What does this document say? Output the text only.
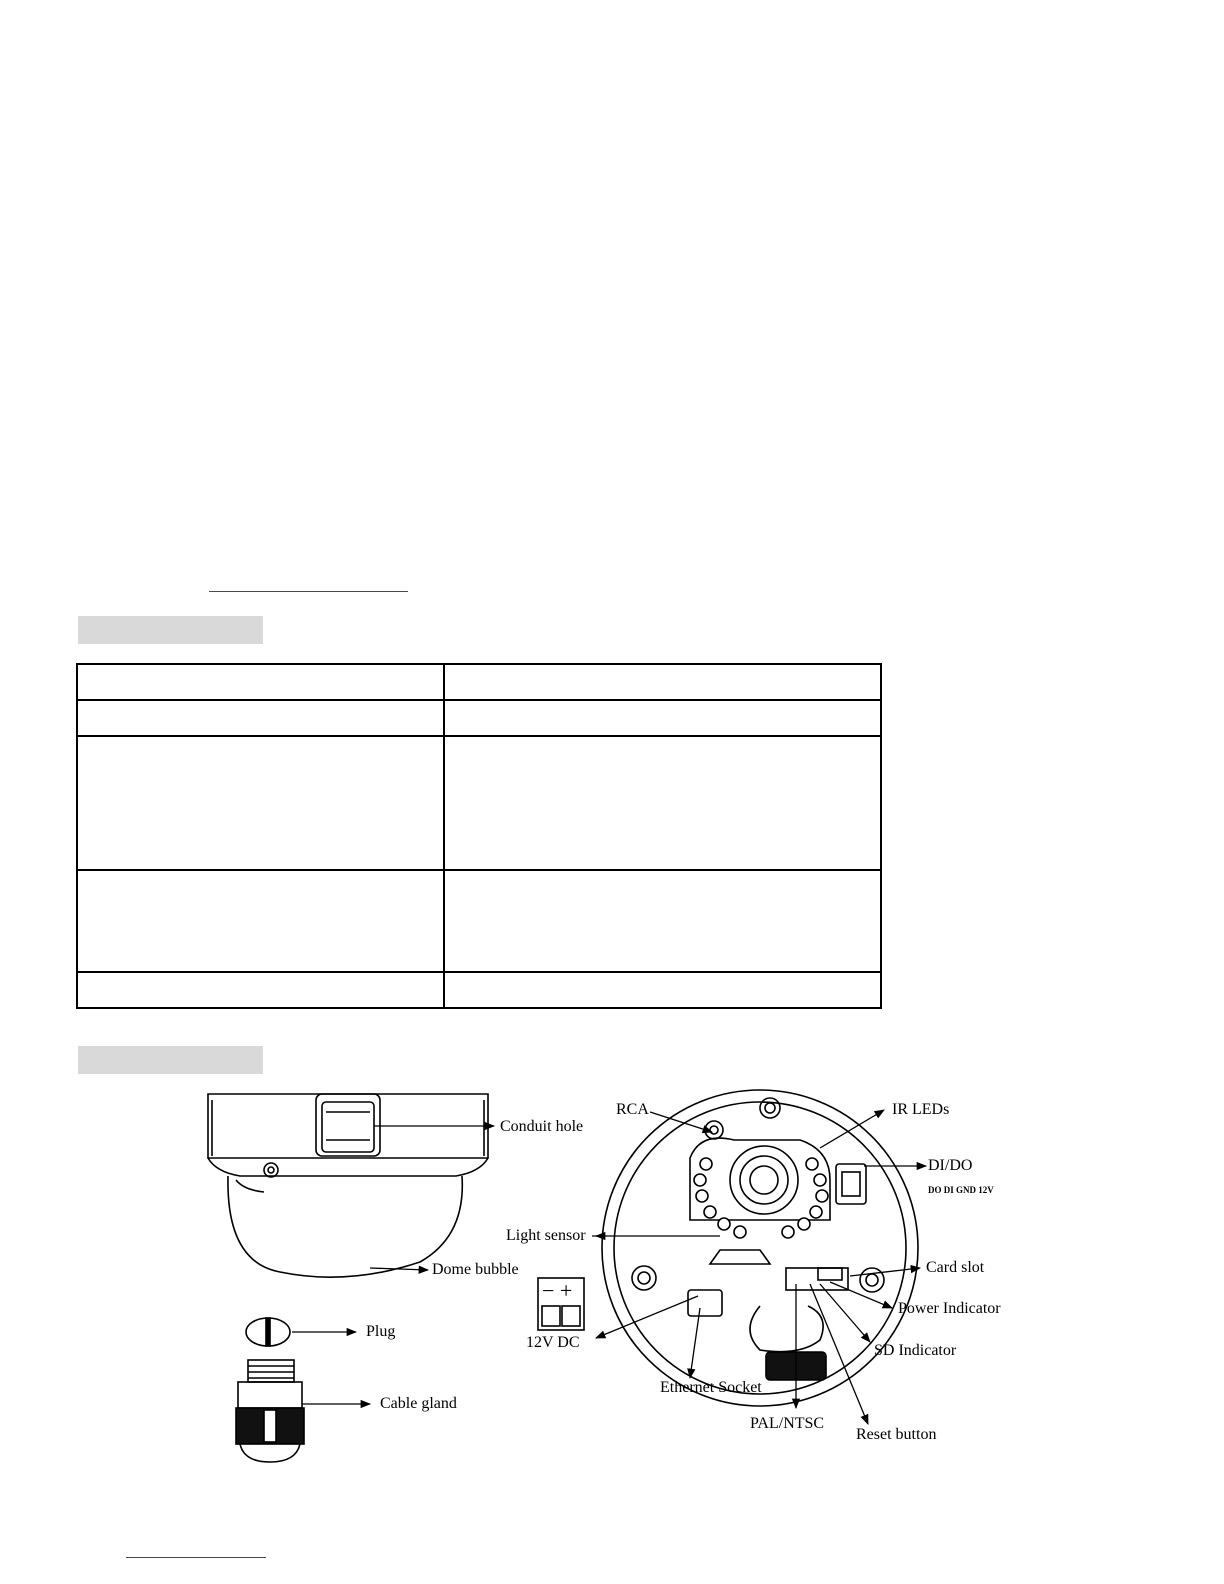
Conduit hole
Dome bubble
Plug
Cable gland
RCA	IR LEDs
DI/DO
DO DI GND 12V
Light sensor
Card slot
Power Indicator
SD Indicator
− +
12V DC
Ethernet Socket
PAL/NTSC
Reset button
